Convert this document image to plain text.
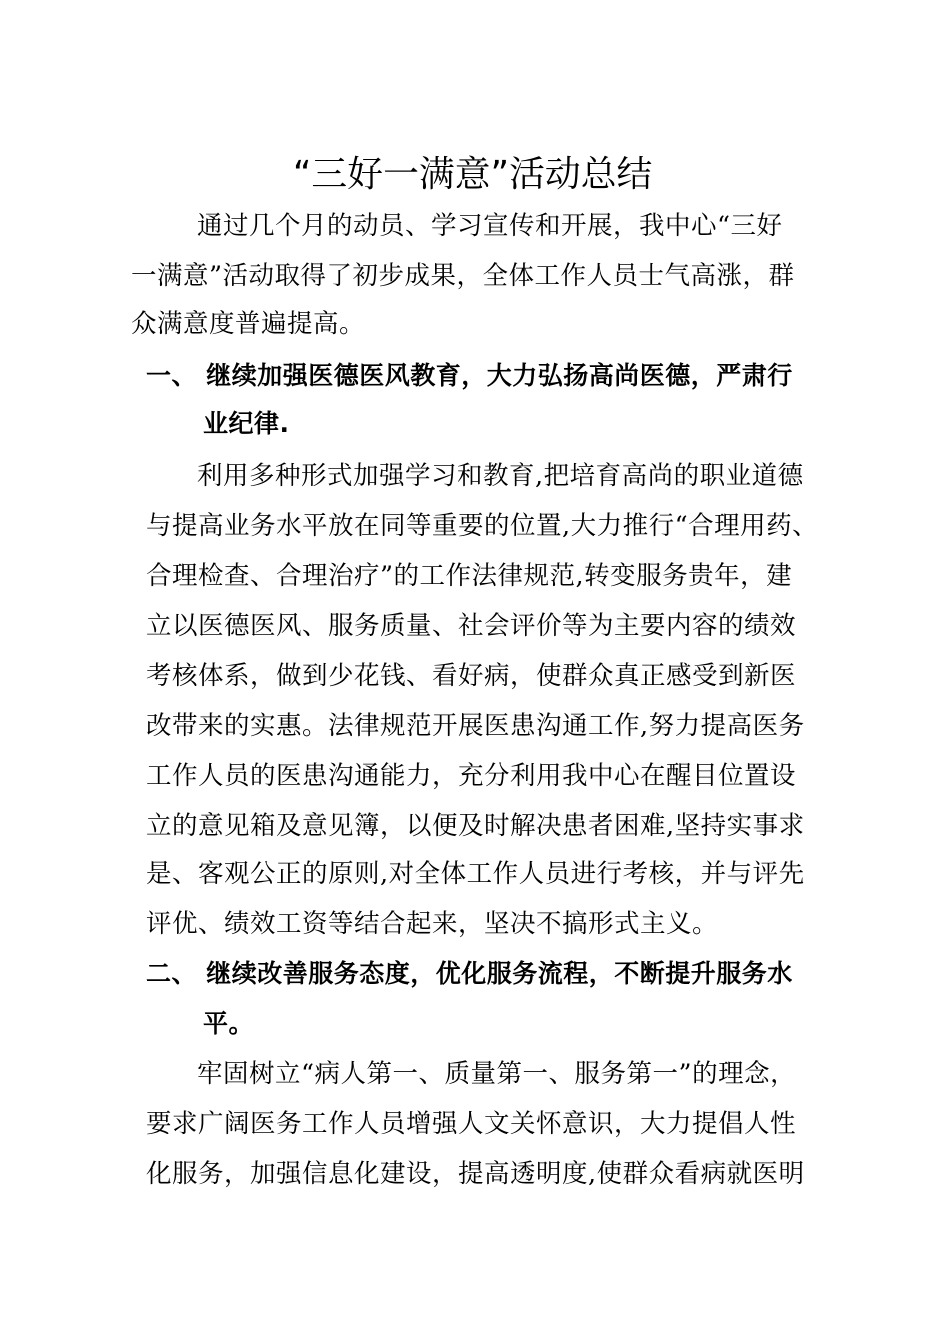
“三好一满意”活动总结
通过几个月的动员、学习宣传和开展，我中心“三好
一满意”活动取得了初步成果，全体工作人员士气高涨，群
众满意度普遍提高。
一、 继续加强医德医风教育，大力弘扬高尚医德，严肃行
业纪律.
利用多种形式加强学习和教育,把培育高尚的职业道德
与提高业务水平放在同等重要的位置,大力推行“合理用药、
合理检查、合理治疗”的工作法律规范,转变服务贵年，建
立以医德医风、服务质量、社会评价等为主要内容的绩效
考核体系，做到少花钱、看好病，使群众真正感受到新医
改带来的实惠。法律规范开展医患沟通工作,努力提高医务
工作人员的医患沟通能力，充分利用我中心在醒目位置设
立的意见箱及意见簿，以便及时解决患者困难,坚持实事求
是、客观公正的原则,对全体工作人员进行考核，并与评先
评优、绩效工资等结合起来，坚决不搞形式主义。
二、 继续改善服务态度，优化服务流程，不断提升服务水
平。
牢固树立“病人第一、质量第一、服务第一”的理念，
要求广阔医务工作人员增强人文关怀意识，大力提倡人性
化服务，加强信息化建设，提高透明度,使群众看病就医明
